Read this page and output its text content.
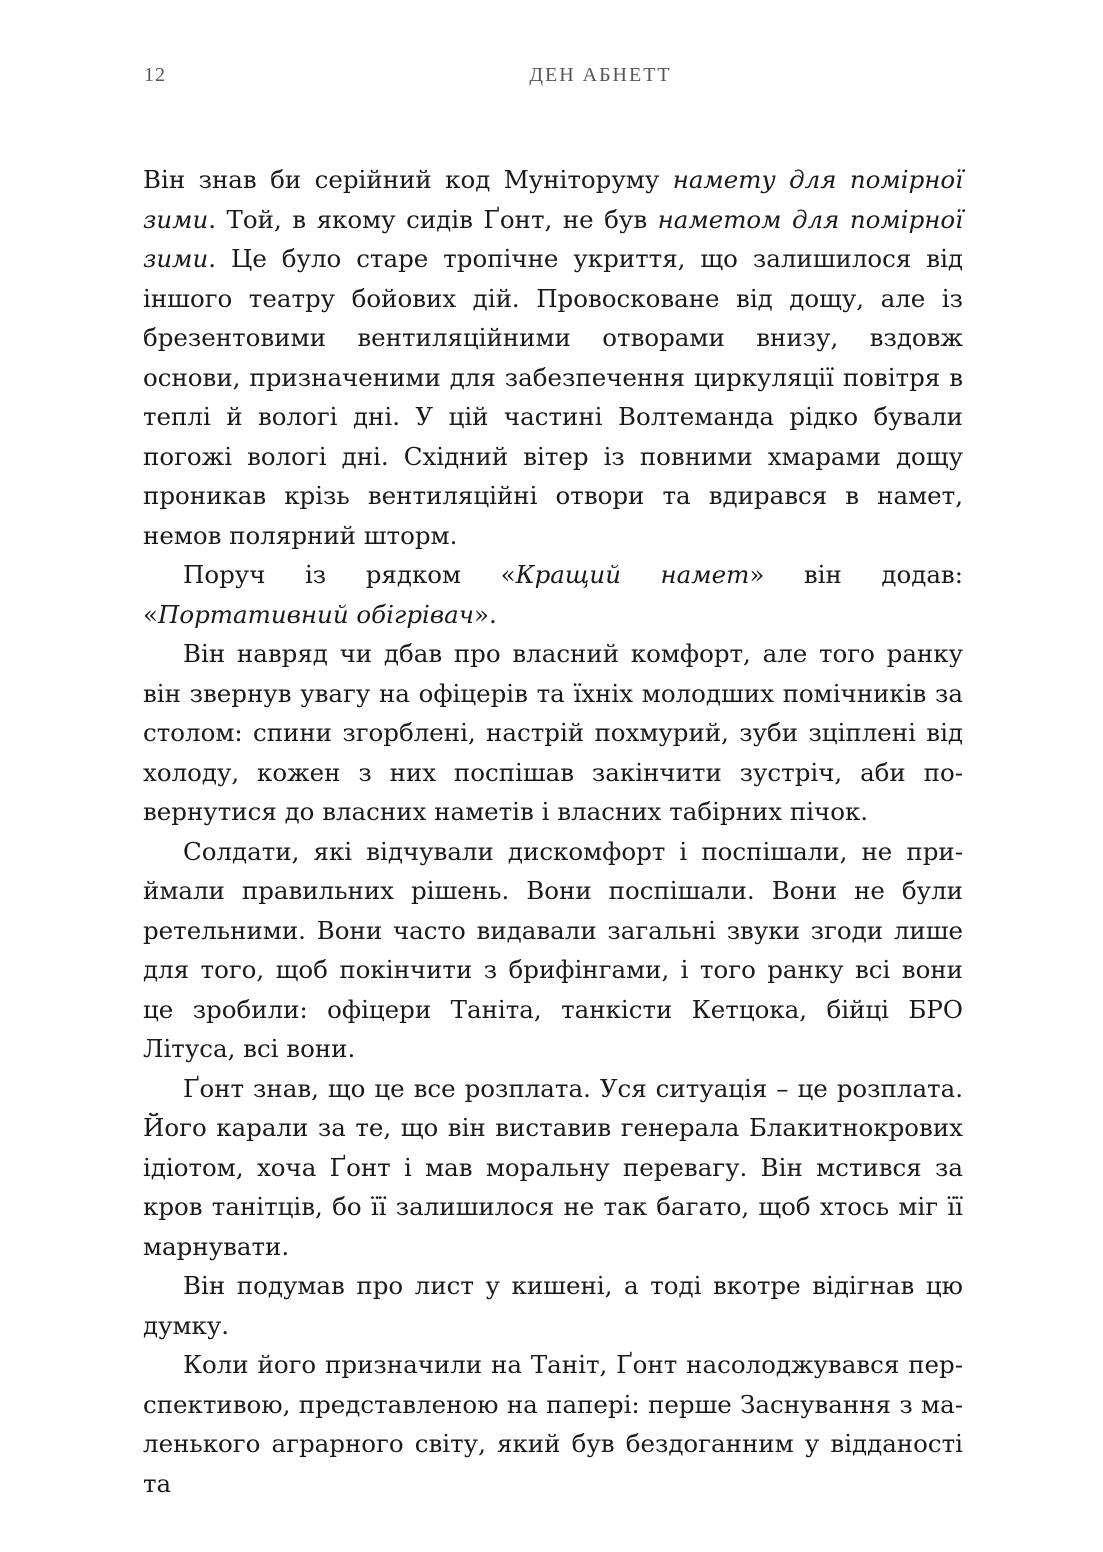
12	ДЕН АБНЕТТ

Він знав би серійний код Муніторуму намету для помірної зими. Той, в якому сидів Ґонт, не був наметом для помірної зими. Це було старе тропічне укриття, що залишилося від іншого театру бойових дій. Провосковане від дощу, але із брезентовими вентиляційними отворами внизу, вздовж основи, призначеними для забезпечення циркуляції повітря в теплі й вологі дні. У цій частині Волтеманда рідко бували погожі вологі дні. Східний вітер із повними хмарами дощу проникав крізь вентиляційні отвори та вдирався в намет, немов полярний шторм.

Поруч із рядком «Кращий намет» він додав: «Портативний обігрівач».

Він навряд чи дбав про власний комфорт, але того ранку він звернув увагу на офіцерів та їхніх молодших помічників за столом: спини згорблені, настрій похмурий, зуби зціплені від холоду, кожен з них поспішав закінчити зустріч, аби повернутися до власних наметів і власних табірних пічок.

Солдати, які відчували дискомфорт і поспішали, не приймали правильних рішень. Вони поспішали. Вони не були ретельними. Вони часто видавали загальні звуки згоди лише для того, щоб покінчити з брифінгами, і того ранку всі вони це зробили: офіцери Таніта, танкісти Кетцока, бійці БРО Літуса, всі вони.

Ґонт знав, що це все розплата. Уся ситуація – це розплата. Його карали за те, що він виставив генерала Блакитнокрових ідіотом, хоча Ґонт і мав моральну перевагу. Він мстився за кров танітців, бо її залишилося не так багато, щоб хтось міг її марнувати.

Він подумав про лист у кишені, а тоді вкотре відігнав цю думку.

Коли його призначили на Таніт, Ґонт насолоджувався перспективою, представленою на папері: перше Заснування з маленького аграрного світу, який був бездоганним у відданості та
